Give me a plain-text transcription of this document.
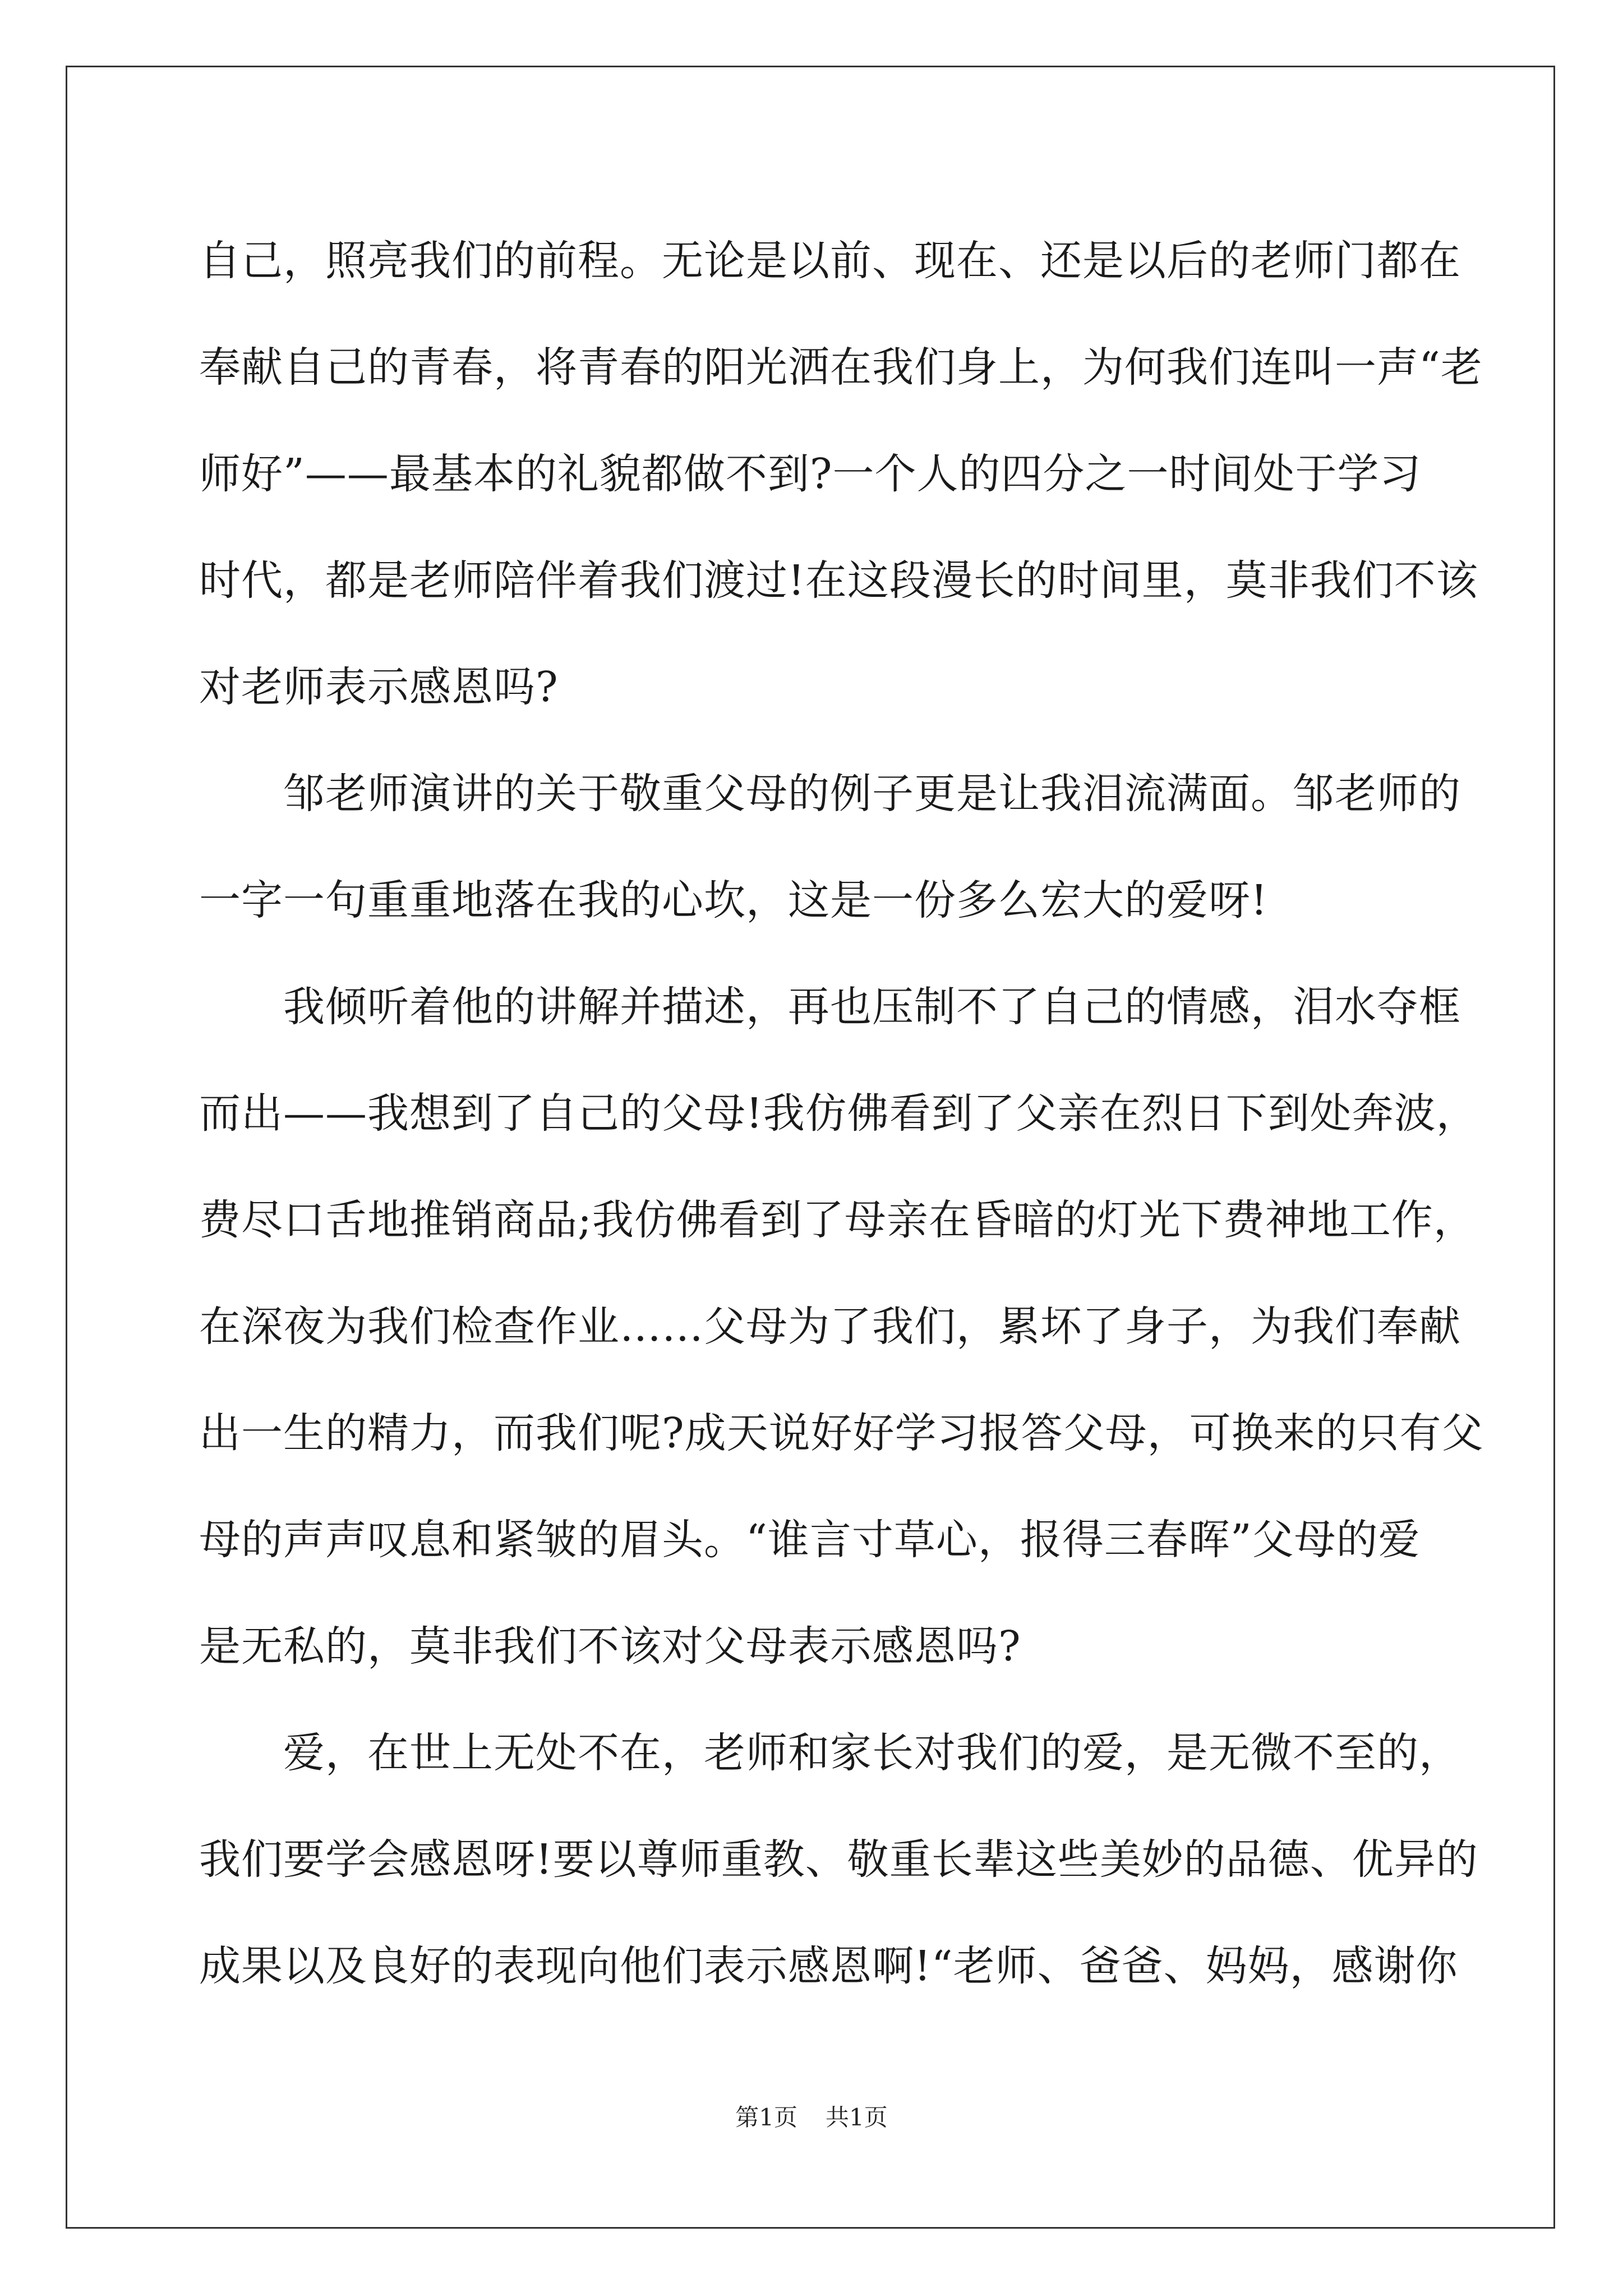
自己，照亮我们的前程。无论是以前、现在、还是以后的老师门都在
奉献自己的青春，将青春的阳光洒在我们身上，为何我们连叫一声“老
师好”——最基本的礼貌都做不到?一个人的四分之一时间处于学习
时代，都是老师陪伴着我们渡过!在这段漫长的时间里，莫非我们不该
对老师表示感恩吗?
邹老师演讲的关于敬重父母的例子更是让我泪流满面。邹老师的
一字一句重重地落在我的心坎，这是一份多么宏大的爱呀!
我倾听着他的讲解并描述，再也压制不了自己的情感，泪水夺框
而出——我想到了自己的父母!我仿佛看到了父亲在烈日下到处奔波，
费尽口舌地推销商品;我仿佛看到了母亲在昏暗的灯光下费神地工作，
在深夜为我们检查作业……父母为了我们，累坏了身子，为我们奉献
出一生的精力，而我们呢?成天说好好学习报答父母，可换来的只有父
母的声声叹息和紧皱的眉头。“谁言寸草心，报得三春晖”父母的爱
是无私的，莫非我们不该对父母表示感恩吗?
爱，在世上无处不在，老师和家长对我们的爱，是无微不至的，
我们要学会感恩呀!要以尊师重教、敬重长辈这些美妙的品德、优异的
成果以及良好的表现向他们表示感恩啊!“老师、爸爸、妈妈，感谢你
第1页 共1页
